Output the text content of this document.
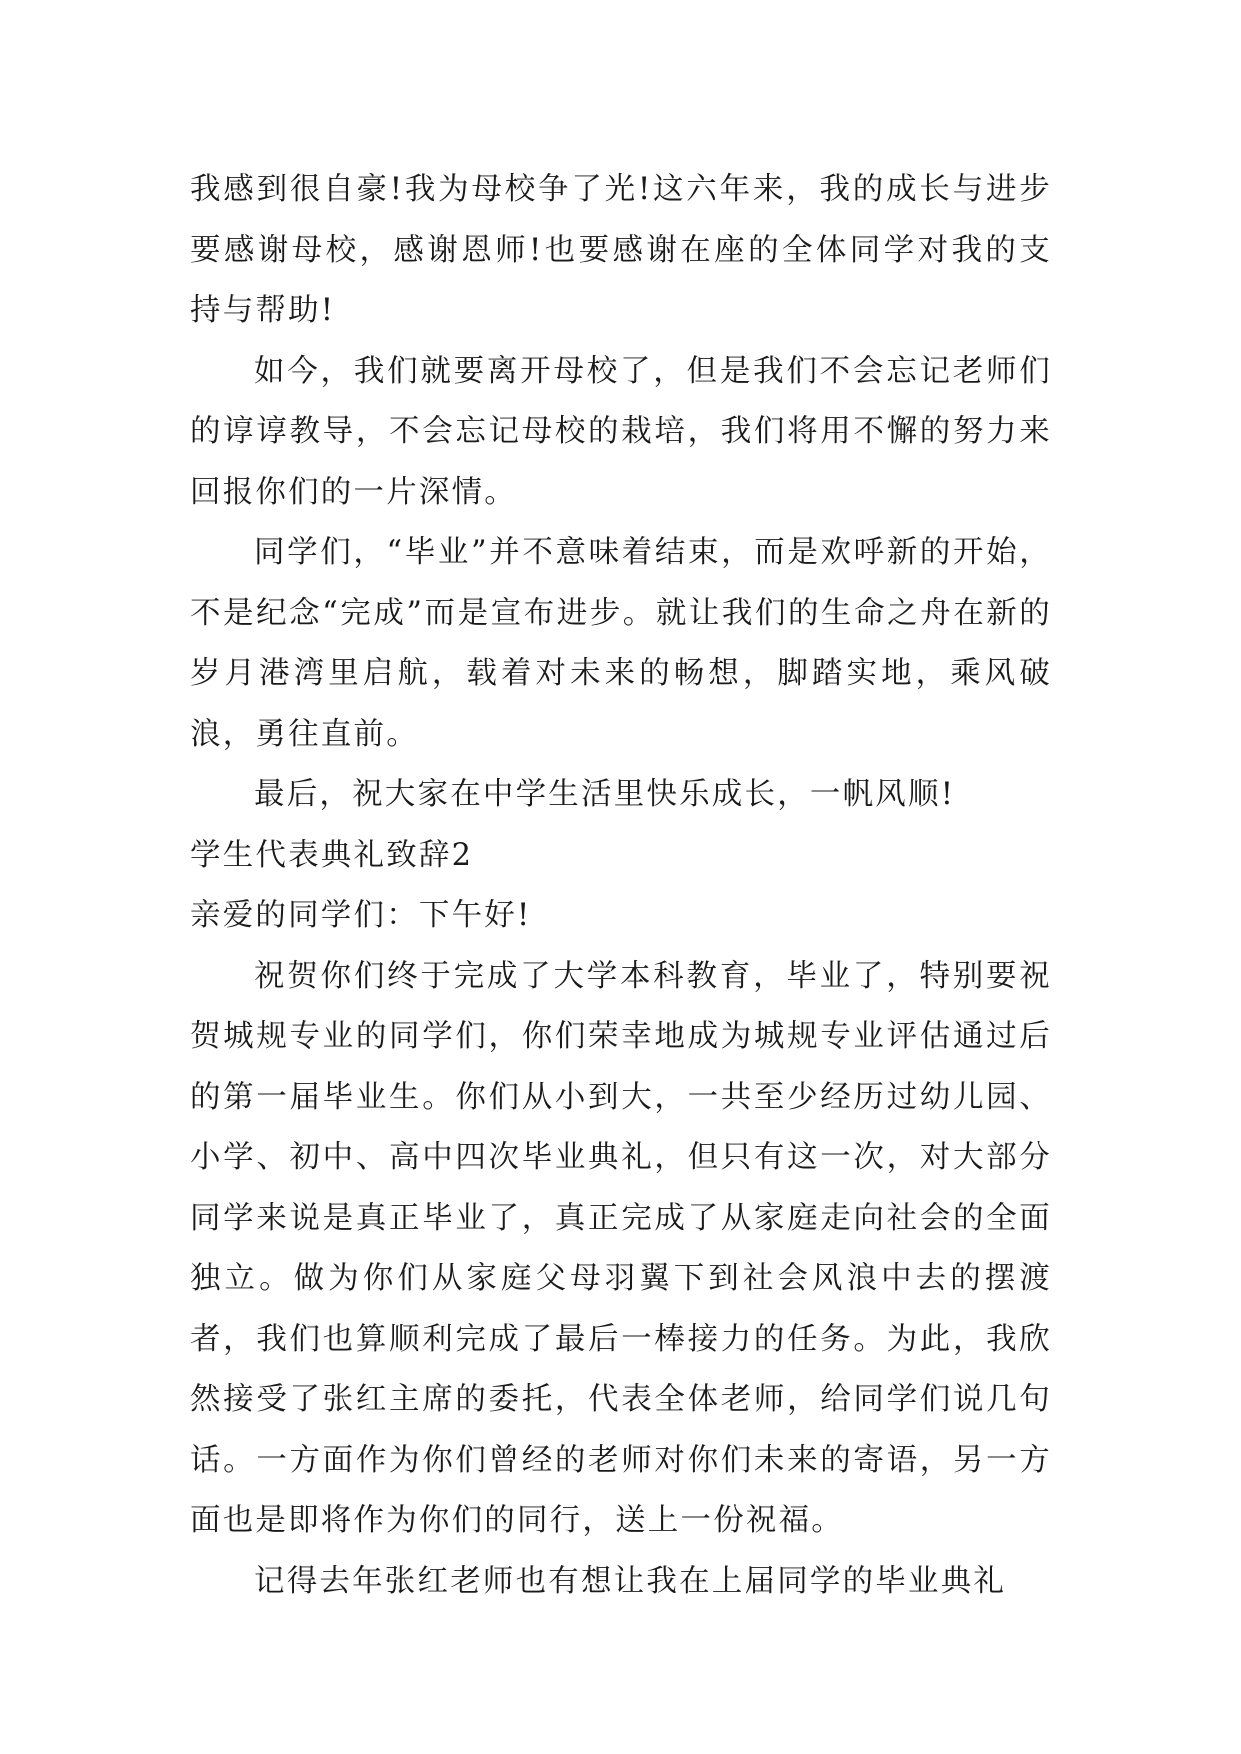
我感到很自豪!我为母校争了光!这六年来，我的成长与进步要感谢母校，感谢恩师!也要感谢在座的全体同学对我的支持与帮助!

如今，我们就要离开母校了，但是我们不会忘记老师们的谆谆教导，不会忘记母校的栽培，我们将用不懈的努力来回报你们的一片深情。

同学们，“毕业”并不意味着结束，而是欢呼新的开始，不是纪念“完成”而是宣布进步。就让我们的生命之舟在新的岁月港湾里启航，载着对未来的畅想，脚踏实地，乘风破浪，勇往直前。

最后，祝大家在中学生活里快乐成长，一帆风顺!

学生代表典礼致辞2

亲爱的同学们：下午好!

祝贺你们终于完成了大学本科教育，毕业了，特别要祝贺城规专业的同学们，你们荣幸地成为城规专业评估通过后的第一届毕业生。你们从小到大，一共至少经历过幼儿园、小学、初中、高中四次毕业典礼，但只有这一次，对大部分同学来说是真正毕业了，真正完成了从家庭走向社会的全面独立。做为你们从家庭父母羽翼下到社会风浪中去的摆渡者，我们也算顺利完成了最后一棒接力的任务。为此，我欣然接受了张红主席的委托，代表全体老师，给同学们说几句话。一方面作为你们曾经的老师对你们未来的寄语，另一方面也是即将作为你们的同行，送上一份祝福。

记得去年张红老师也有想让我在上届同学的毕业典礼
